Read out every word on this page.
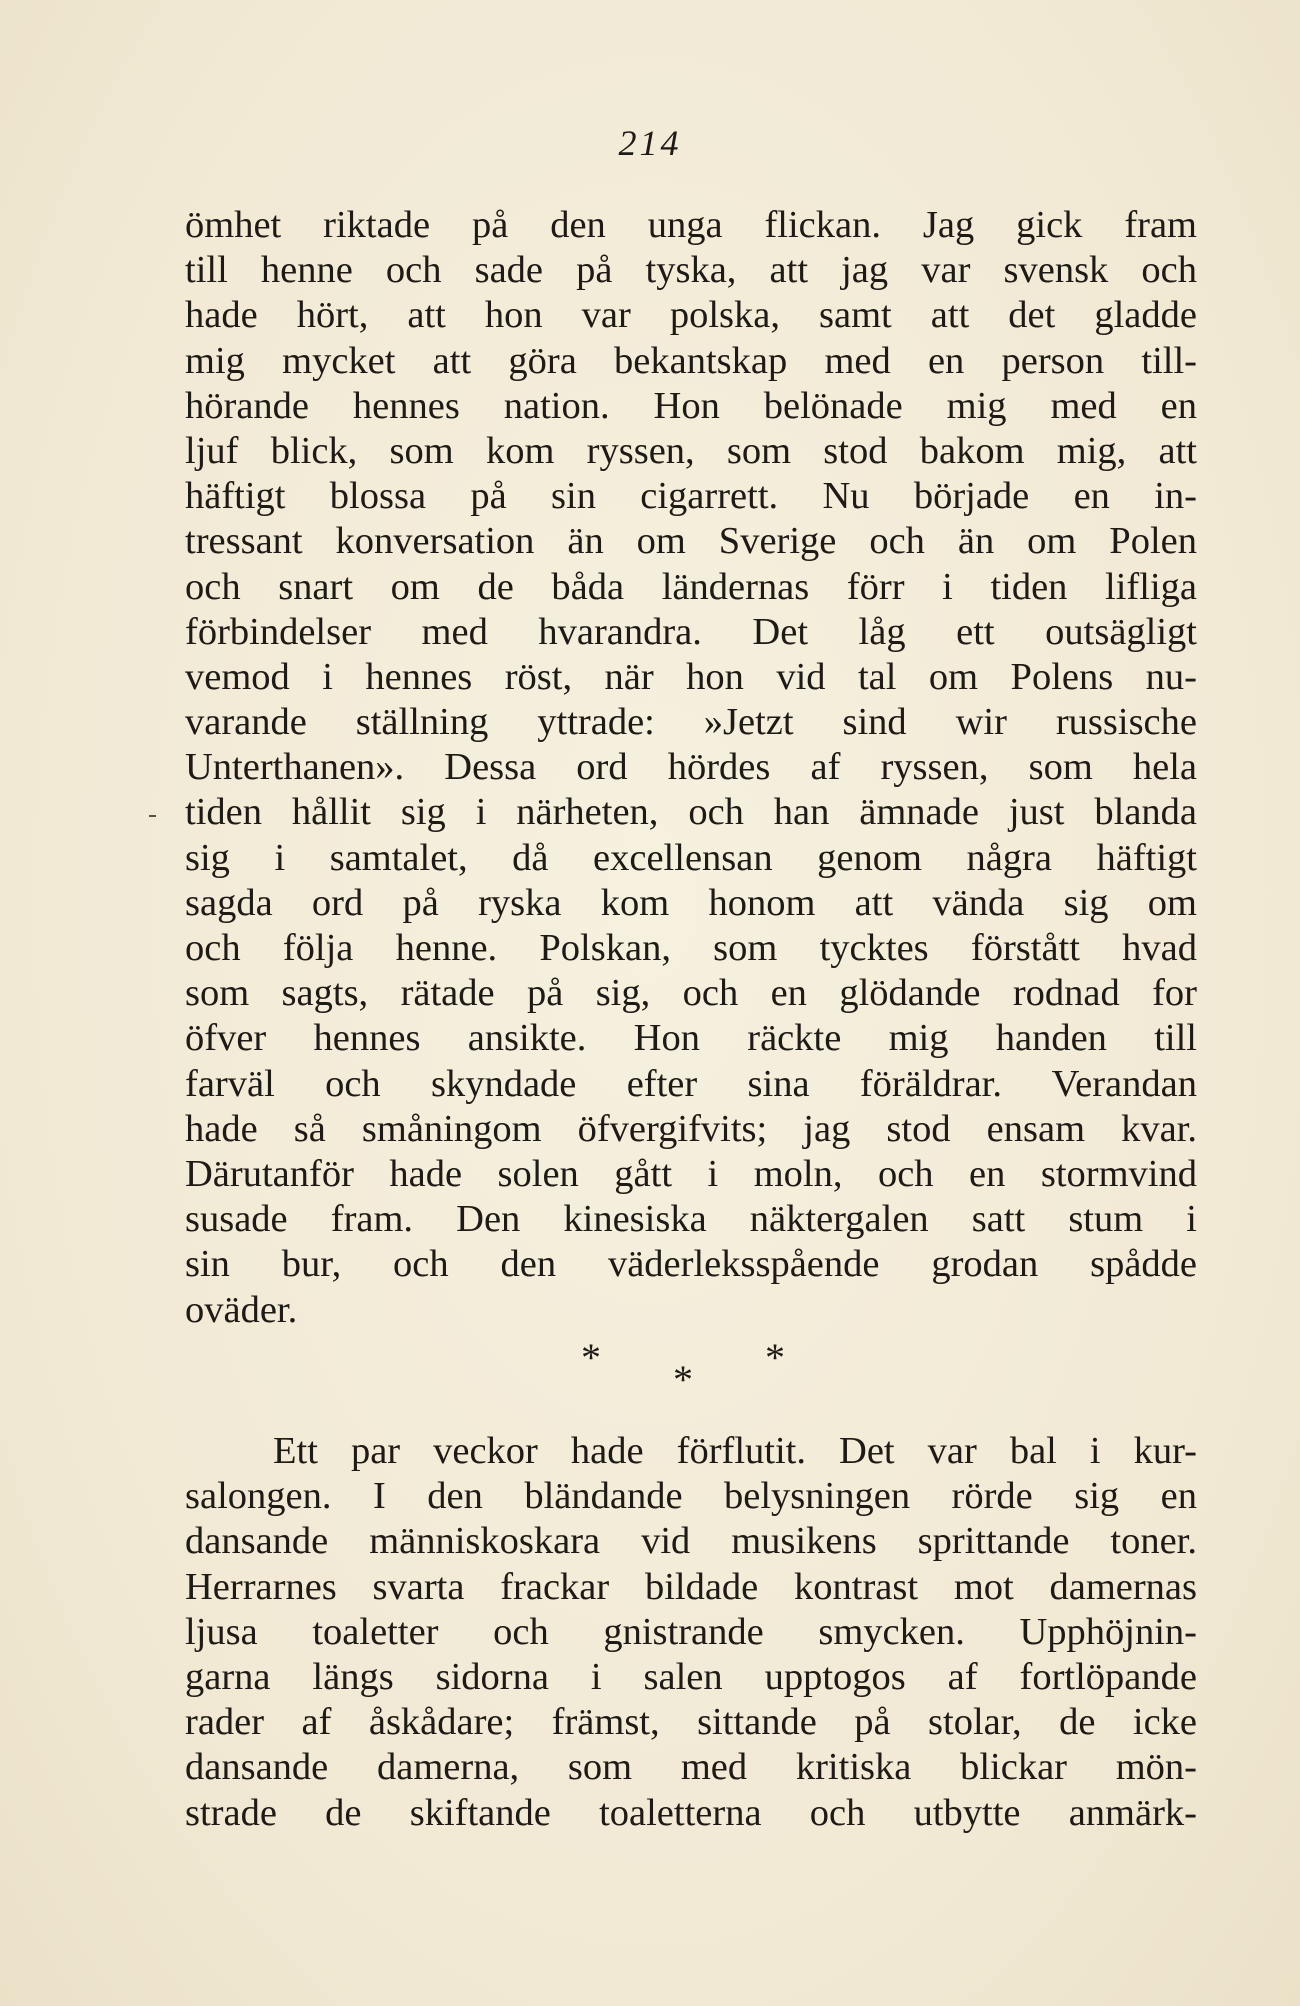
214
ömhet riktade på den unga flickan. Jag gick fram
till henne och sade på tyska, att jag var svensk och
hade hört, att hon var polska, samt att det gladde
mig mycket att göra bekantskap med en person till-
hörande hennes nation. Hon belönade mig med en
ljuf blick, som kom ryssen, som stod bakom mig, att
häftigt blossa på sin cigarrett. Nu började en in-
tressant konversation än om Sverige och än om Polen
och snart om de båda ländernas förr i tiden lifliga
förbindelser med hvarandra. Det låg ett outsägligt
vemod i hennes röst, när hon vid tal om Polens nu-
varande ställning yttrade: »Jetzt sind wir russische
Unterthanen». Dessa ord hördes af ryssen, som hela
tiden hållit sig i närheten, och han ämnade just blanda
sig i samtalet, då excellensan genom några häftigt
sagda ord på ryska kom honom att vända sig om
och följa henne. Polskan, som tycktes förstått hvad
som sagts, rätade på sig, och en glödande rodnad for
öfver hennes ansikte. Hon räckte mig handen till
farväl och skyndade efter sina föräldrar. Verandan
hade så småningom öfvergifvits; jag stod ensam kvar.
Därutanför hade solen gått i moln, och en stormvind
susade fram. Den kinesiska näktergalen satt stum i
sin bur, och den väderleksspående grodan spådde
oväder.
*	*
*
Ett par veckor hade förflutit. Det var bal i kur-
salongen. I den bländande belysningen rörde sig en
dansande människoskara vid musikens sprittande toner.
Herrarnes svarta frackar bildade kontrast mot damernas
ljusa toaletter och gnistrande smycken. Upphöjnin-
garna längs sidorna i salen upptogos af fortlöpande
rader af åskådare; främst, sittande på stolar, de icke
dansande damerna, som med kritiska blickar mön-
strade de skiftande toaletterna och utbytte anmärk-
